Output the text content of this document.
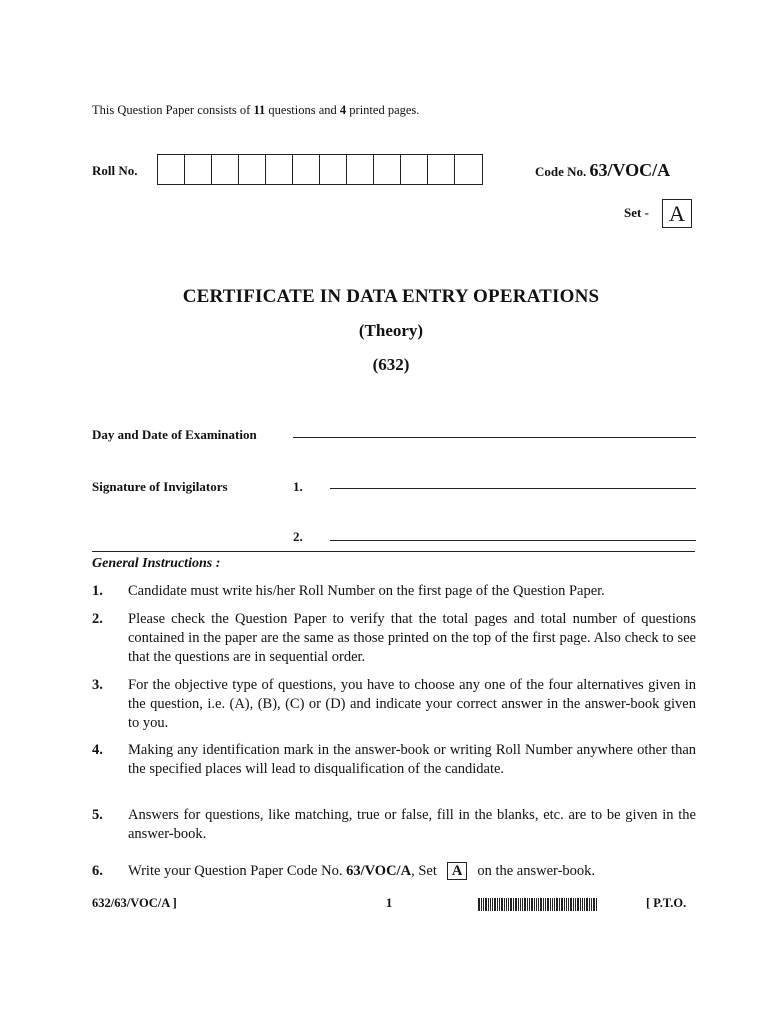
This Question Paper consists of 11 questions and 4 printed pages.
Roll No.	Code No. 63/VOC/A
Set - A
CERTIFICATE IN DATA ENTRY OPERATIONS
(Theory)
(632)
Day and Date of Examination
Signature of Invigilators	1.
2.
General Instructions :
1.	Candidate must write his/her Roll Number on the first page of the Question Paper.
2.	Please check the Question Paper to verify that the total pages and total number of questions contained in the paper are the same as those printed on the top of the first page. Also check to see that the questions are in sequential order.
3.	For the objective type of questions, you have to choose any one of the four alternatives given in the question, i.e. (A), (B), (C) or (D) and indicate your correct answer in the answer-book given to you.
4.	Making any identification mark in the answer-book or writing Roll Number anywhere other than the specified places will lead to disqualification of the candidate.
5.	Answers for questions, like matching, true or false, fill in the blanks, etc. are to be given in the answer-book.
6.	Write your Question Paper Code No. 63/VOC/A, Set A on the answer-book.
632/63/VOC/A ]	1	[ P.T.O.
